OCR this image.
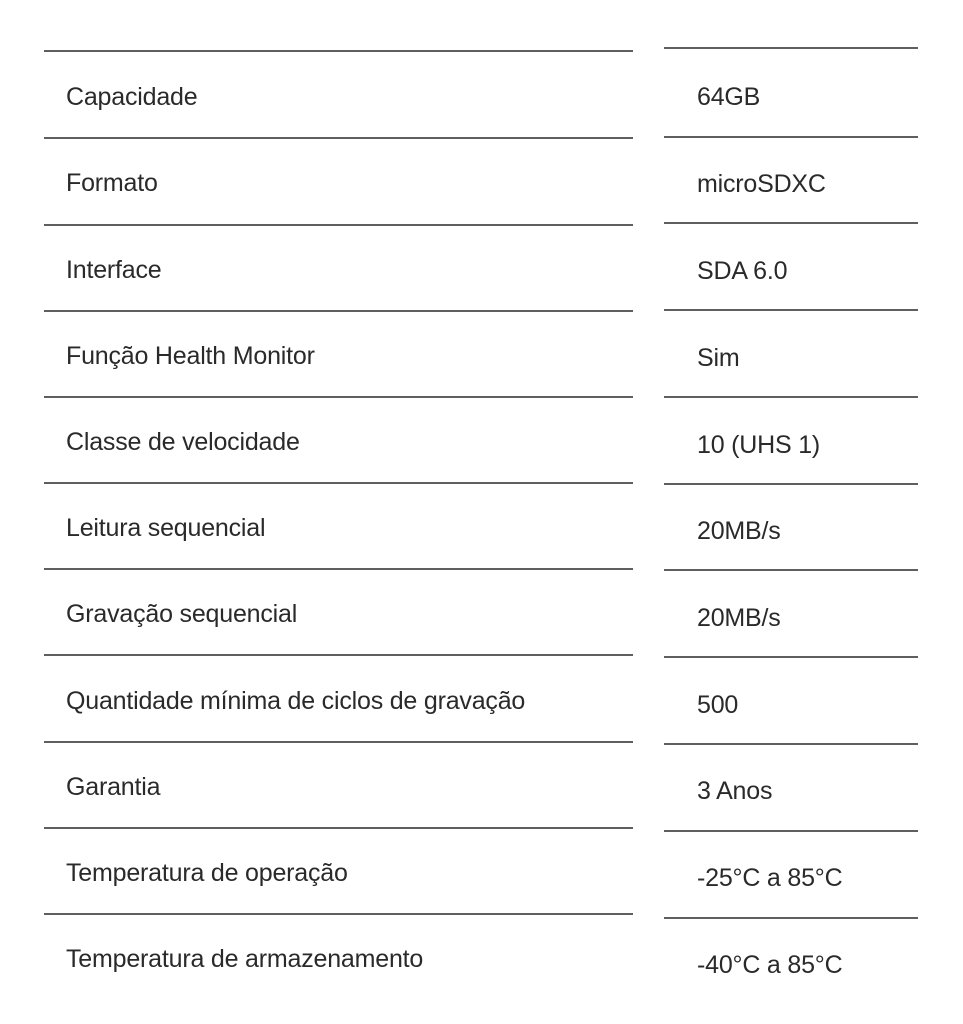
Capacidade
Formato
Interface
Função Health Monitor
Classe de velocidade
Leitura sequencial
Gravação sequencial
Quantidade mínima de ciclos de gravação
Garantia
Temperatura de operação
Temperatura de armazenamento
64GB
microSDXC
SDA 6.0
Sim
10 (UHS 1)
20MB/s
20MB/s
500
3 Anos
-25°C a 85°C
-40°C a 85°C
